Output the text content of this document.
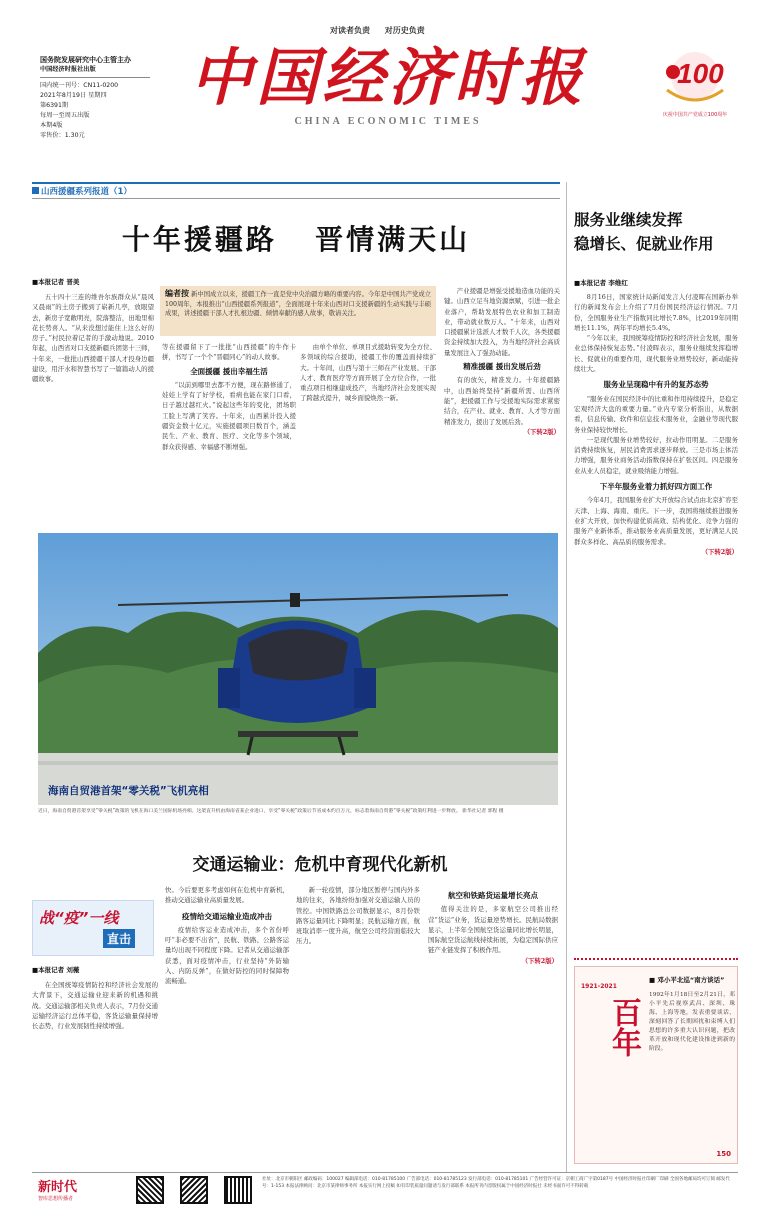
对读者负责 对历史负责
国务院发展研究中心主管主办
中国经济时报社出版
国内统一刊号：CN11-0200
2021年8月19日 星期四
第6391期
每周一至周五出版
本期4版
零售价：1.30元
中国经济时报
CHINA ECONOMIC TIMES
100
庆祝中国共产党成立100周年
山西援疆系列报道（1）
十年援疆路   晋情满天山
■本报记者 晋美

五十四十三连的维吾尔族群众从“晨风又晨雨”的土房子搬到了崭新几亭，放眼望去，新房子宽敞明亮，院落整洁，田地里棉花长势喜人。“从来没想过能住上这么好的房子。”村民拉着记者的手激动地说。2010年起，山西省对口支援新疆兵团第十三师，十年来，一批批山西援疆干部人才投身边疆建设，用汗水和智慧书写了一篇篇动人的援疆故事。

编者按 新中国成立以来，援疆工作一直是党中央治疆方略的重要内容。今年是中国共产党成立100周年，本报推出“山西援疆系列报道”，全面展现十年来山西对口支援新疆的生动实践与丰硕成果，讲述援疆干部人才扎根边疆、倾情奉献的感人故事，敬请关注。
等在援疆留下了一批批“山西援疆”的牛作卡拼，书写了一个个“晋疆同心”的动人故事。
全面援疆 援出幸福生活

“以前到哪里去都不方便，现在路修通了，娃娃上学有了好学校，看病也能在家门口看，日子越过越红火。”说起这些年的变化，团场职工脸上写满了笑容。十年来，山西累计投入援疆资金数十亿元，实施援疆项目数百个，涵盖民生、产业、教育、医疗、文化等多个领域，群众获得感、幸福感不断增强。

由单个单位、单项目式援助转变为全方位、多领域的综合援助，援疆工作的覆盖面持续扩大。十年间，山西与第十三师在产业发展、干部人才、教育医疗等方面开展了全方位合作，一批重点项目相继建成投产，当地经济社会发展实现了跨越式提升，城乡面貌焕然一新。

产业援疆是增强受援地造血功能的关键。山西立足当地资源禀赋，引进一批企业落户，帮助发展特色农业和加工制造业，带动就业数万人。“十年来，山西对口援疆累计选派人才数千人次，各类援疆资金持续加大投入，为当地经济社会高质量发展注入了强劲动能。

精准援疆 援出发展后劲

有的放矢，精准发力。十年援疆路中，山西始终坚持“新疆所需、山西所能”，把援疆工作与受援地实际需求紧密结合，在产业、就业、教育、人才等方面精准发力，援出了发展后劲。

（下转2版）
海南自贸港首架“零关税”飞机亮相
近日，海南自贸港首架享受“零关税”政策的飞机在海口美兰国际机场亮相。这架直升机由海南省某企业进口，享受“零关税”政策后节省成本约百万元，标志着海南自贸港“零关税”政策红利进一步释放。 新华社记者 郭程 摄
交通运输业：危机中育现代化新机
战“疫”一线
直击
■本报记者 刘薇

在全国统筹疫情防控和经济社会发展的大背景下，交通运输业迎来新的机遇和挑战。交通运输部相关负责人表示，7月份交通运输经济运行总体平稳，客货运输量保持增长态势，行业发展韧性持续增强。

快。今后要更多考虑如何在危机中育新机，推动交通运输业高质量发展。
疫情给交通运输业造成冲击

疫情给客运业造成冲击，多个省份呼吁“非必要不出省”，民航、铁路、公路客运量均出现不同程度下降。记者从交通运输部获悉，面对疫情冲击，行业坚持“外防输入、内防反弹”，在做好防控的同时保障物流畅通。

新一轮疫情，部分地区暂停与国内外多地的往来，各地纷纷加强对交通运输人员的管控。中国铁路总公司数据显示，8月份铁路客运量同比下降明显；民航运输方面，航班取消率一度升高，航空公司经营面临较大压力。

航空和铁路货运量增长亮点

值得关注的是，多家航空公司推出经营“货运”业务，货运量逆势增长。民航局数据显示，上半年全国航空货运量同比增长明显，国际航空货运航线持续拓展，为稳定国际供应链产业链发挥了积极作用。

（下转2版）
服务业继续发挥
稳增长、促就业作用
■本报记者 李维红

8月16日，国家统计局新闻发言人付凌晖在国新办举行的新闻发布会上介绍了7月份国民经济运行情况。7月份，全国服务业生产指数同比增长7.8%，比2019年同期增长11.1%，两年平均增长5.4%。

“今年以来，我国统筹疫情防控和经济社会发展，服务业总体保持恢复态势。”付凌晖表示，服务业继续发挥稳增长、促就业的重要作用，现代服务业增势较好，新动能持续壮大。

服务业呈现稳中有升的复苏态势

“服务业在国民经济中的比重和作用持续提升，是稳定宏观经济大盘的重要力量。”业内专家分析指出，从数据看，信息传输、软件和信息技术服务业，金融业等现代服务业保持较快增长。

一是现代服务业增势较好，拉动作用明显。二是服务消费持续恢复，居民消费需求逐步释放。三是市场主体活力增强，服务业商务活动指数保持在扩张区间。四是服务业从业人员稳定，就业吸纳能力增强。

下半年服务业着力抓好四方面工作

今年4月，我国服务业扩大开放综合试点由北京扩容至天津、上海、海南、重庆。下一步，我国将继续推进服务业扩大开放，加快构建优质高效、结构优化、竞争力强的服务产业新体系，推动服务业高质量发展，更好满足人民群众多样化、高品质的服务需求。

（下转2版）
百年
1921-2021
■ 邓小平北巡“南方谈话”
1992年1月18日至2月21日，邓小平先后视察武昌、深圳、珠海、上海等地，发表重要谈话，深刻回答了长期困扰和束缚人们思想的许多重大认识问题，把改革开放和现代化建设推进到新的阶段。
150
新时代
智库思想传播者
社址：北京市朝阳区 邮政编码：100027 编辑部电话：010-81785100 广告部电话：010-81785123 发行部电话：010-81785101 广告经营许可证：京朝工商广字第0187号 中国经济时报社印刷厂印刷 全国各地邮局均可订阅 邮发代号：1-153 本报法律顾问：北京市某律师事务所 本报实行网上投稿 如有印装质量问题请与发行部联系 本报所刊内容版权属于中国经济时报社 未经书面许可不得转载
